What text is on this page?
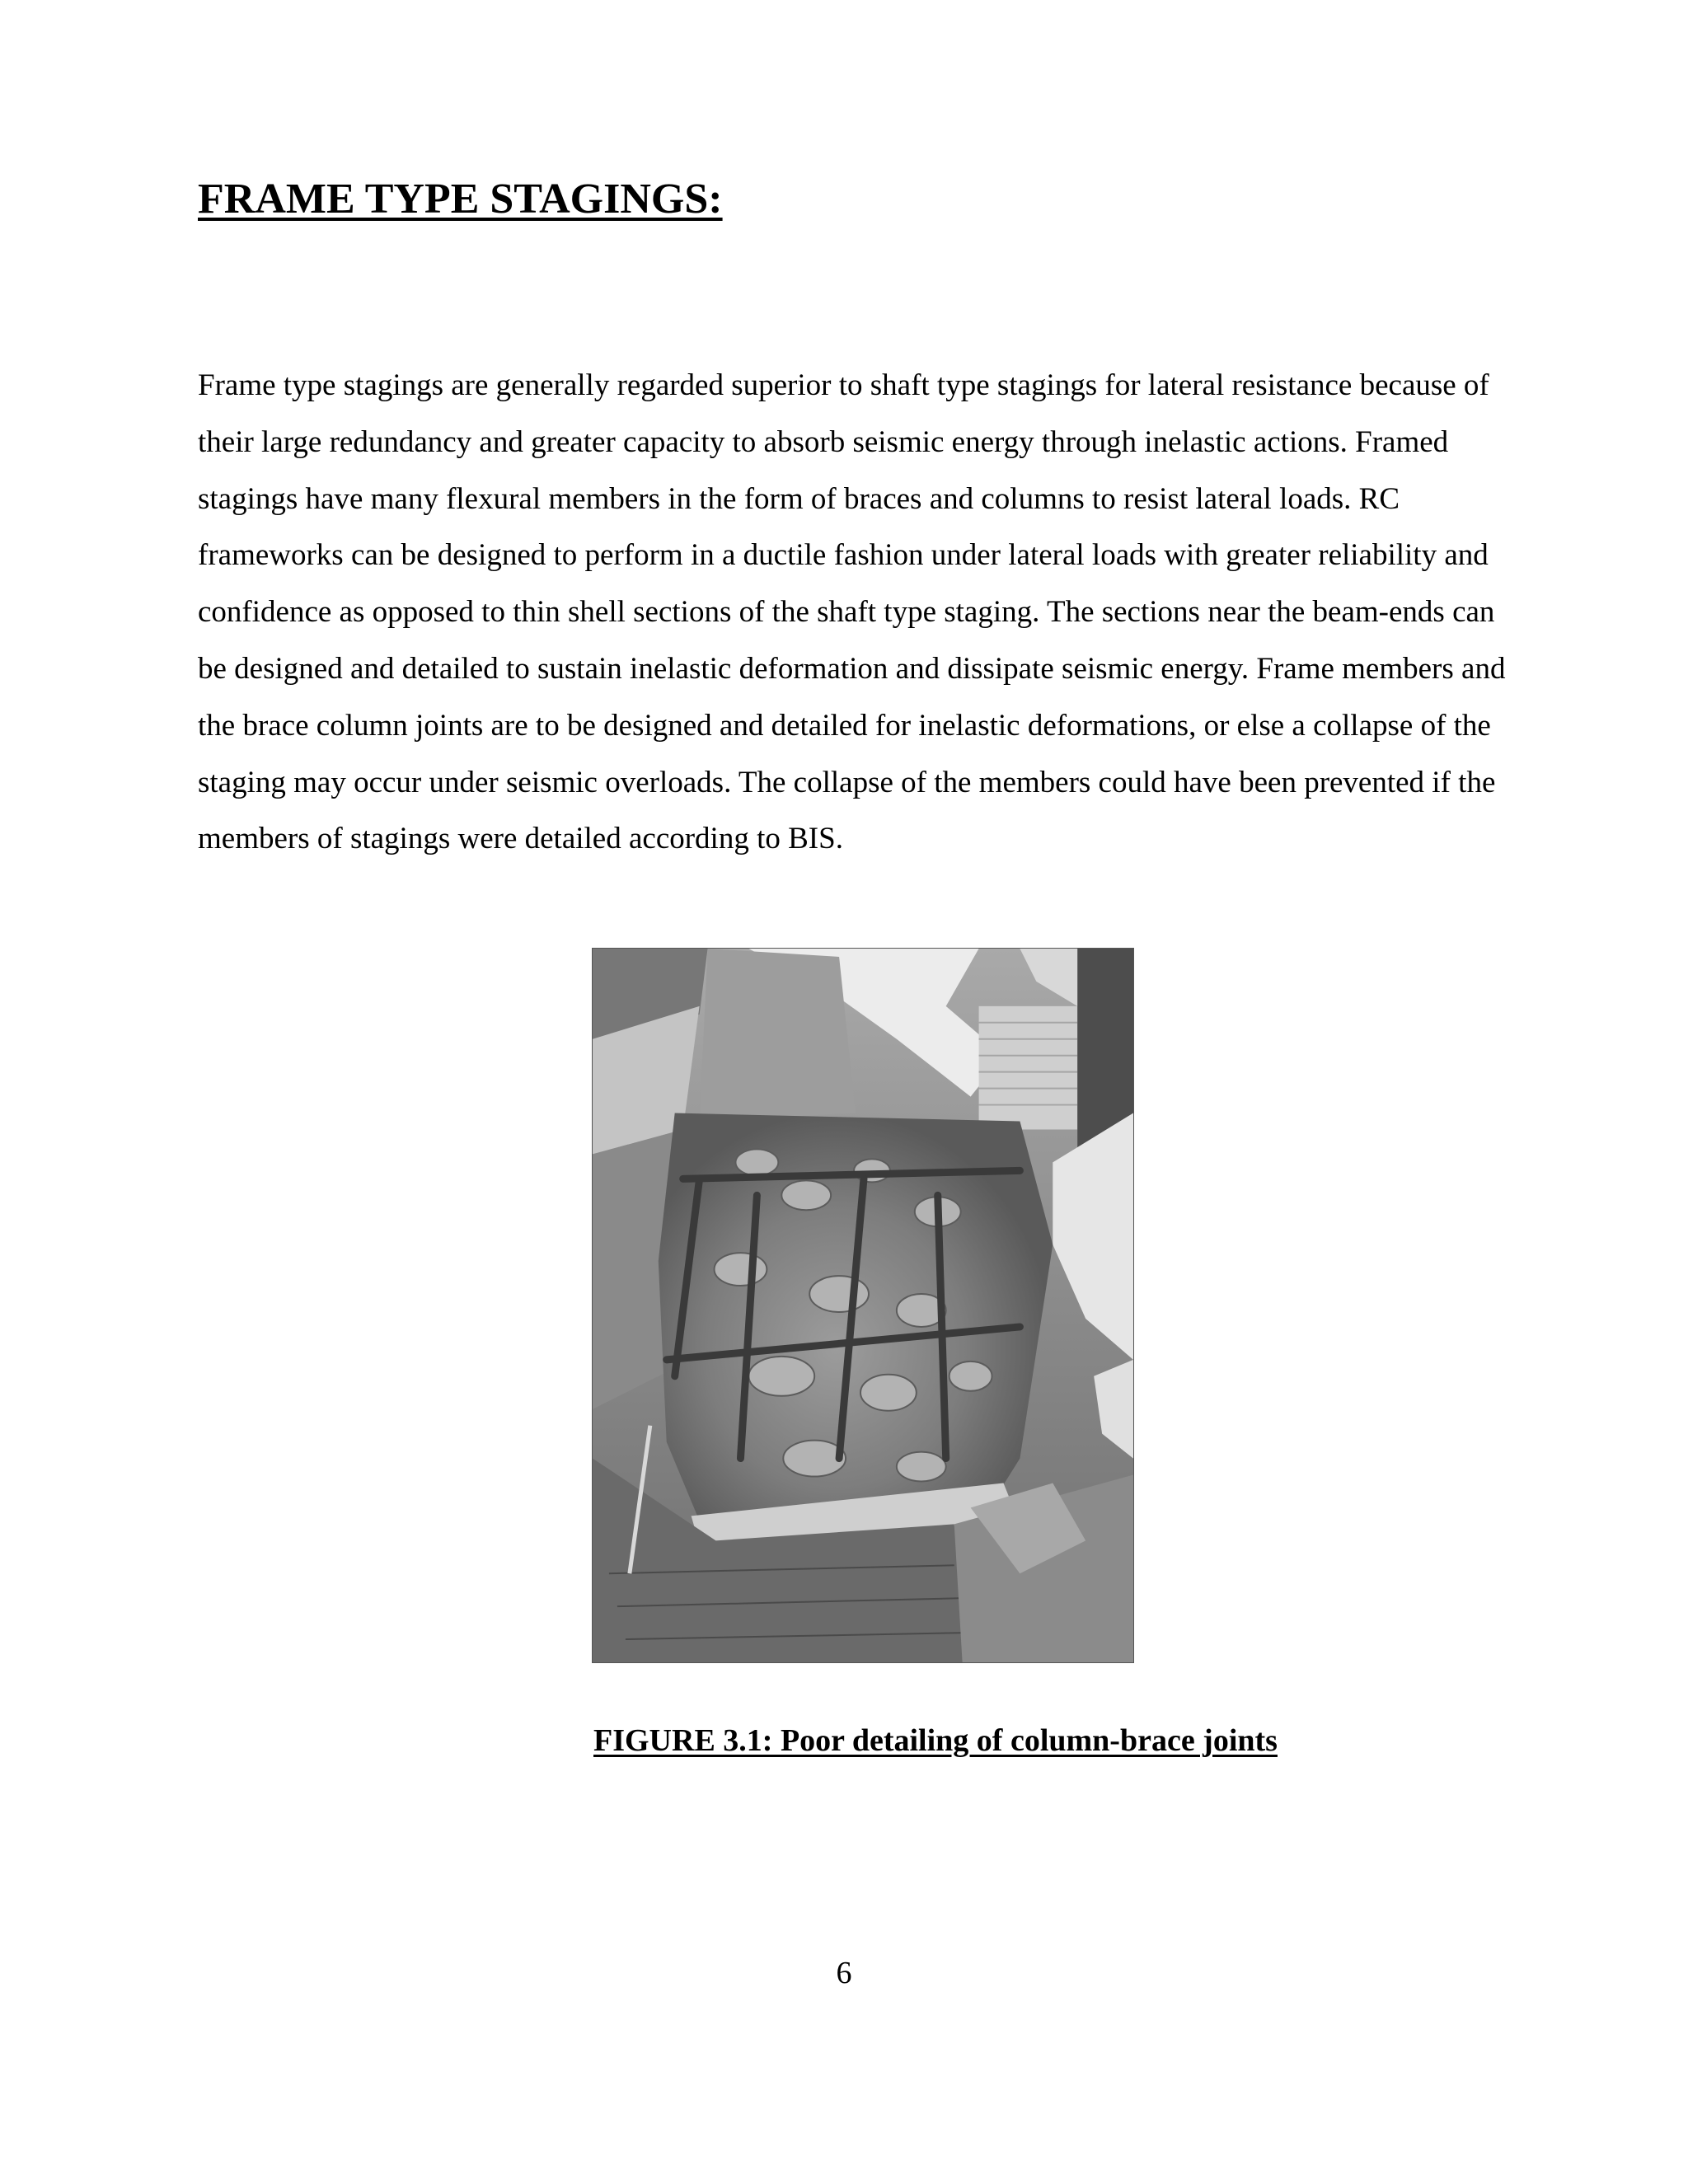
FRAME TYPE STAGINGS:

Frame type stagings are generally regarded superior to shaft type stagings for lateral resistance because of their large redundancy and greater capacity to absorb seismic energy through inelastic actions. Framed stagings have many flexural members in the form of braces and columns to resist lateral loads. RC frameworks can be designed to perform in a ductile fashion under lateral loads with greater reliability and confidence as opposed to thin shell sections of the shaft type staging. The sections near the beam-ends can be designed and detailed to sustain inelastic deformation and dissipate seismic energy. Frame members and the brace column joints are to be designed and detailed for inelastic deformations, or else a collapse of the staging may occur under seismic overloads. The collapse of the members could have been prevented if the members of stagings were detailed according to BIS.

FIGURE 3.1: Poor detailing of column-brace joints

6
